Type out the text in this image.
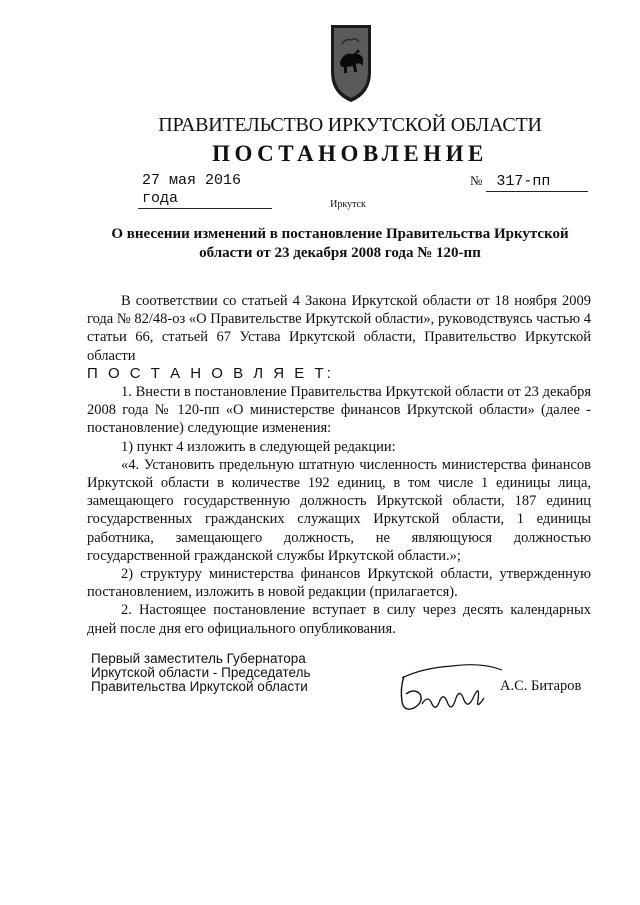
ПРАВИТЕЛЬСТВО ИРКУТСКОЙ ОБЛАСТИ
ПОСТАНОВЛЕНИЕ
27 мая 2016 года
№ 317-пп
Иркутск
О внесении изменений в постановление Правительства Иркутской
области от 23 декабря 2008 года № 120-пп

В соответствии со статьей 4 Закона Иркутской области от 18 ноября 2009 года № 82/48-оз «О Правительстве Иркутской области», руководствуясь частью 4 статьи 66, статьей 67 Устава Иркутской области, Правительство Иркутской области

П О С Т А Н О В Л Я Е Т:

1. Внести в постановление Правительства Иркутской области от 23 декабря 2008 года № 120-пп «О министерстве финансов Иркутской области» (далее - постановление) следующие изменения:

1) пункт 4 изложить в следующей редакции:

«4. Установить предельную штатную численность министерства финансов Иркутской области в количестве 192 единиц, в том числе 1 единицы лица, замещающего государственную должность Иркутской области, 187 единиц государственных гражданских служащих Иркутской области, 1 единицы работника, замещающего должность, не являющуюся должностью государственной гражданской службы Иркутской области.»;

2) структуру министерства финансов Иркутской области, утвержденную постановлением, изложить в новой редакции (прилагается).

2. Настоящее постановление вступает в силу через десять календарных дней после дня его официального опубликования.

Первый заместитель Губернатора
Иркутской области - Председатель
Правительства Иркутской области	А.С. Битаров
